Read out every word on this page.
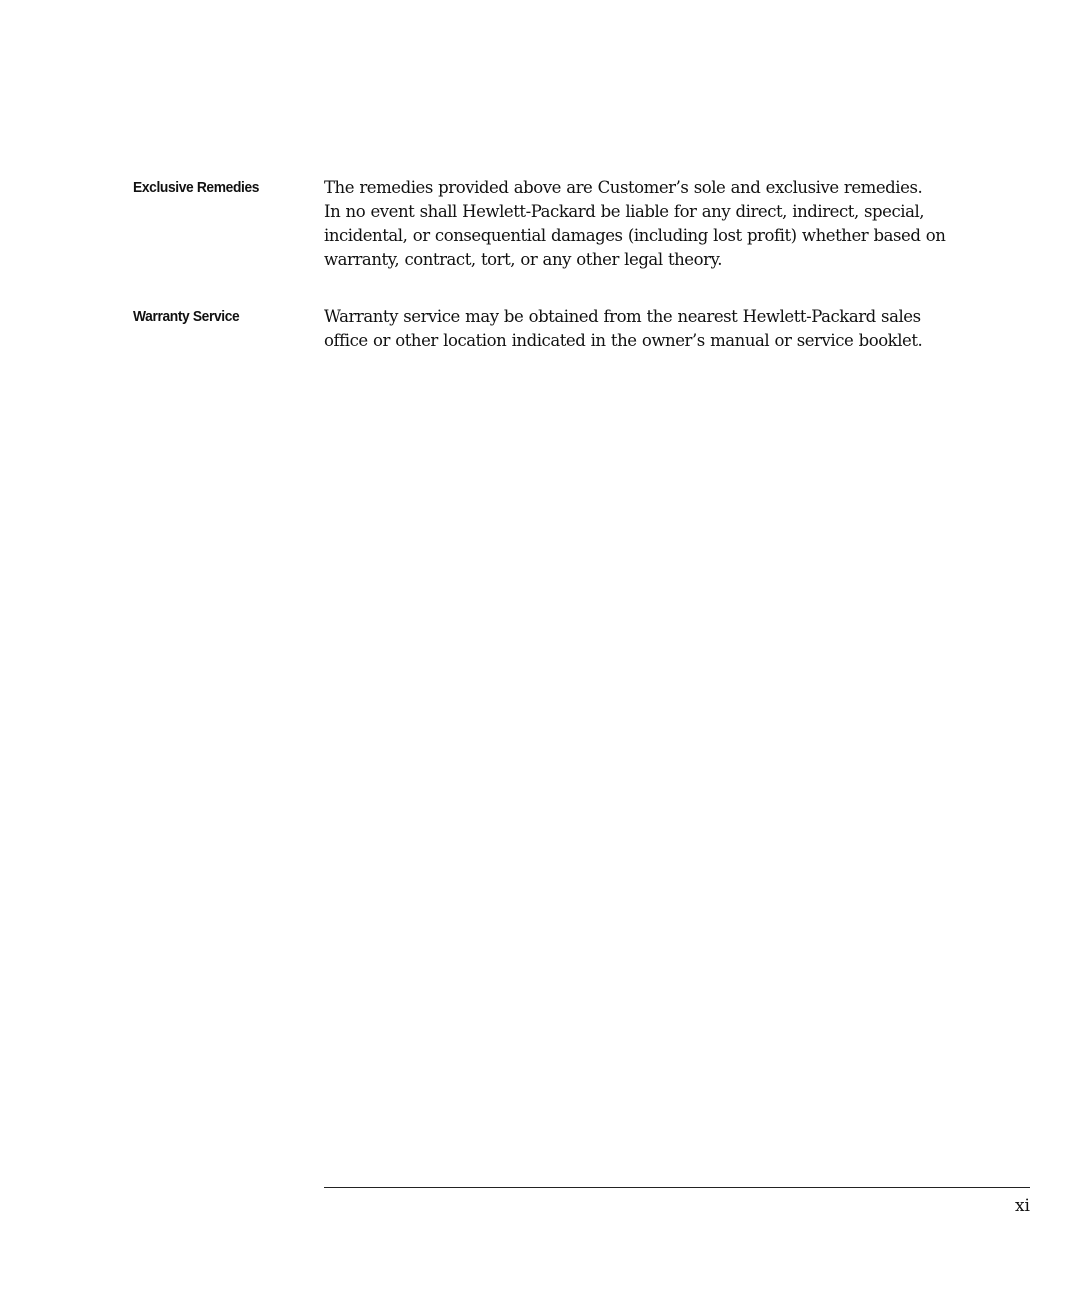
Exclusive Remedies	The remedies provided above are Customer’s sole and exclusive remedies.
In no event shall Hewlett-Packard be liable for any direct, indirect, special,
incidental, or consequential damages (including lost profit) whether based on
warranty, contract, tort, or any other legal theory.

Warranty Service	Warranty service may be obtained from the nearest Hewlett-Packard sales
office or other location indicated in the owner’s manual or service booklet.

xi
